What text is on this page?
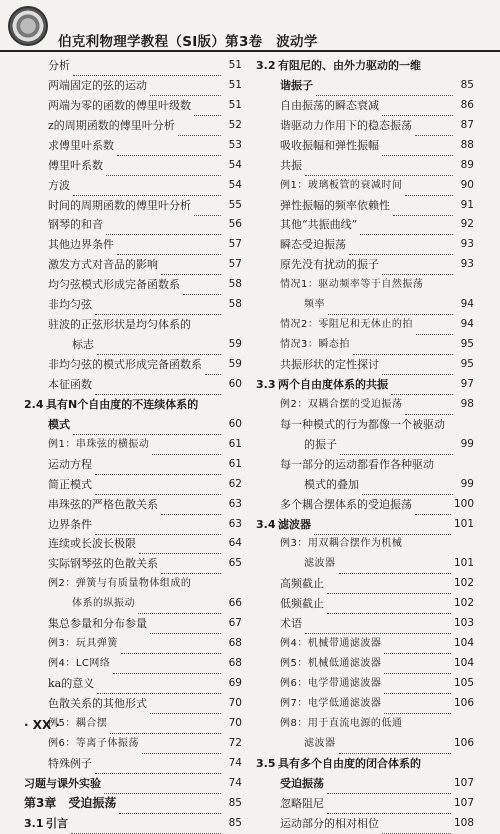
伯克利物理学教程（SI版）第3卷　波动学
分析	51
两端固定的弦的运动	51
两端为零的函数的傅里叶级数	51
z的周期函数的傅里叶分析	52
求傅里叶系数	53
傅里叶系数	54
方波	54
时间的周期函数的傅里叶分析	55
钢琴的和音	56
其他边界条件	57
激发方式对音品的影响	57
均匀弦模式形成完备函数系	58
非均匀弦	58
驻波的正弦形状是均匀体系的
标志	59
非均匀弦的模式形成完备函数系	59
本征函数	60
2.4 具有N个自由度的不连续体系的
模式	60
例1：串珠弦的横振动	61
运动方程	61
简正模式	62
串珠弦的严格色散关系	63
边界条件	63
连续或长波长极限	64
实际钢琴弦的色散关系	65
例2：弹簧与有质量物体组成的
体系的纵振动	66
集总参量和分布参量	67
例3：玩具弹簧	68
例4：LC网络	68
ka的意义	69
色散关系的其他形式	70
例5：耦合摆	70
例6：等离子体振荡	72
特殊例子	74
习题与课外实验	74
第3章　受迫振荡	85
3.1 引言	85
3.2 有阻尼的、由外力驱动的一维
谐振子	85
自由振荡的瞬态衰减	86
谐驱动力作用下的稳态振荡	87
吸收振幅和弹性振幅	88
共振	89
例1：玻璃板管的衰减时间	90
弹性振幅的频率依赖性	91
其他“共振曲线”	92
瞬态受迫振荡	93
原先没有扰动的振子	93
情况1：驱动频率等于自然振荡
频率	94
情况2：零阻尼和无休止的拍	94
情况3：瞬态拍	95
共振形状的定性探讨	95
3.3 两个自由度体系的共振	97
例2：双耦合摆的受迫振荡	98
每一种模式的行为都像一个被驱动
的振子	99
每一部分的运动都看作各种驱动
模式的叠加	99
多个耦合摆体系的受迫振荡	100
3.4 滤波器	101
例3：用双耦合摆作为机械
滤波器	101
高频截止	102
低频截止	102
术语	103
例4：机械带通滤波器	104
例5：机械低通滤波器	104
例6：电学带通滤波器	105
例7：电学低通滤波器	106
例8：用于直流电源的低通
滤波器	106
3.5 具有多个自由度的闭合体系的
受迫振荡	107
忽略阻尼	107
运动部分的相对相位	108
· XX ·
